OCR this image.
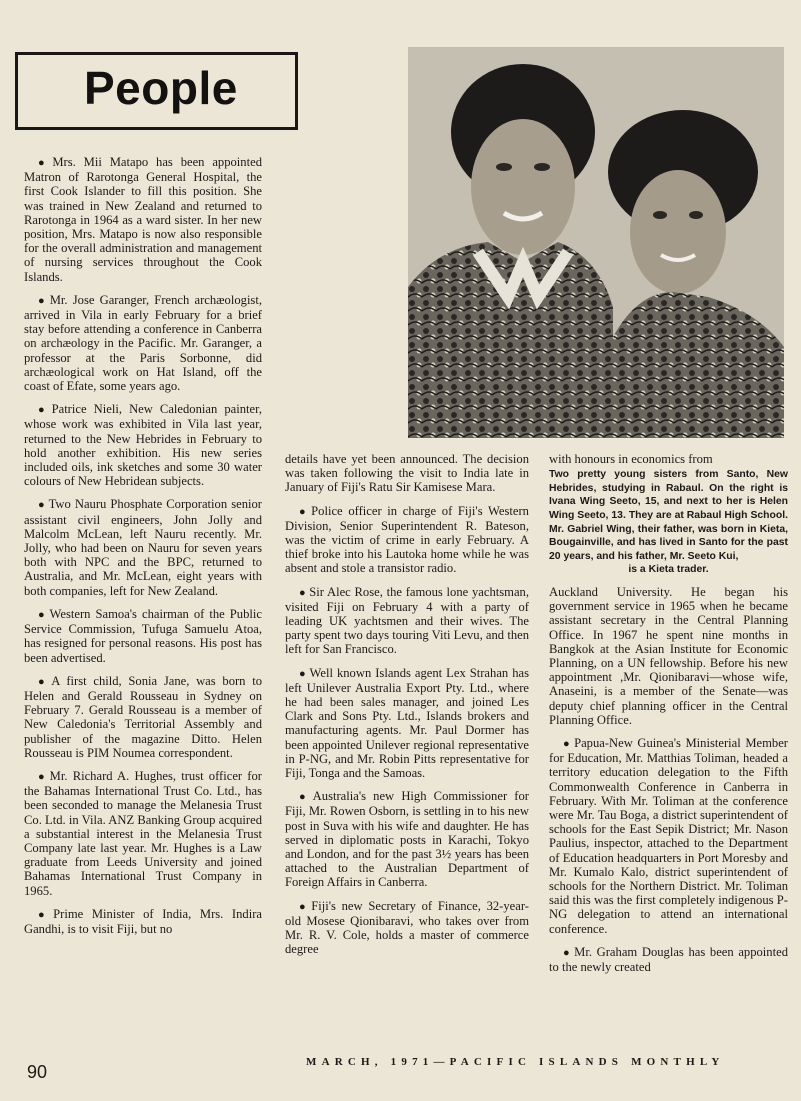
People

● Mrs. Mii Matapo has been appointed Matron of Rarotonga General Hospital, the first Cook Islander to fill this position. She was trained in New Zealand and returned to Rarotonga in 1964 as a ward sister. In her new position, Mrs. Matapo is now also responsible for the overall administration and management of nursing services throughout the Cook Islands.

● Mr. Jose Garanger, French archæologist, arrived in Vila in early February for a brief stay before attending a conference in Canberra on archæology in the Pacific. Mr. Garanger, a professor at the Paris Sorbonne, did archæological work on Hat Island, off the coast of Efate, some years ago.

● Patrice Nieli, New Caledonian painter, whose work was exhibited in Vila last year, returned to the New Hebrides in February to hold another exhibition. His new series included oils, ink sketches and some 30 water colours of New Hebridean subjects.

● Two Nauru Phosphate Corporation senior assistant civil engineers, John Jolly and Malcolm McLean, left Nauru recently. Mr. Jolly, who had been on Nauru for seven years both with NPC and the BPC, returned to Australia, and Mr. McLean, eight years with both companies, left for New Zealand.

● Western Samoa's chairman of the Public Service Commission, Tufuga Samuelu Atoa, has resigned for personal reasons. His post has been advertised.

● A first child, Sonia Jane, was born to Helen and Gerald Rousseau in Sydney on February 7. Gerald Rousseau is a member of New Caledonia's Territorial Assembly and publisher of the magazine Ditto. Helen Rousseau is PIM Noumea correspondent.

● Mr. Richard A. Hughes, trust officer for the Bahamas International Trust Co. Ltd., has been seconded to manage the Melanesia Trust Co. Ltd. in Vila. ANZ Banking Group acquired a substantial interest in the Melanesia Trust Company late last year. Mr. Hughes is a Law graduate from Leeds University and joined Bahamas International Trust Company in 1965.

● Prime Minister of India, Mrs. Indira Gandhi, is to visit Fiji, but no

details have yet been announced. The decision was taken following the visit to India late in January of Fiji's Ratu Sir Kamisese Mara.

● Police officer in charge of Fiji's Western Division, Senior Superintendent R. Bateson, was the victim of crime in early February. A thief broke into his Lautoka home while he was absent and stole a transistor radio.

● Sir Alec Rose, the famous lone yachtsman, visited Fiji on February 4 with a party of leading UK yachtsmen and their wives. The party spent two days touring Viti Levu, and then left for San Francisco.

● Well known Islands agent Lex Strahan has left Unilever Australia Export Pty. Ltd., where he had been sales manager, and joined Les Clark and Sons Pty. Ltd., Islands brokers and manufacturing agents. Mr. Paul Dormer has been appointed Unilever regional representative in P-NG, and Mr. Robin Pitts representative for Fiji, Tonga and the Samoas.

● Australia's new High Commissioner for Fiji, Mr. Rowen Osborn, is settling in to his new post in Suva with his wife and daughter. He has served in diplomatic posts in Karachi, Tokyo and London, and for the past 3½ years has been attached to the Australian Department of Foreign Affairs in Canberra.

● Fiji's new Secretary of Finance, 32-year-old Mosese Qionibaravi, who takes over from Mr. R. V. Cole, holds a master of commerce degree

with honours in economics from

Two pretty young sisters from Santo, New Hebrides, studying in Rabaul. On the right is Ivana Wing Seeto, 15, and next to her is Helen Wing Seeto, 13. They are at Rabaul High School. Mr. Gabriel Wing, their father, was born in Kieta, Bougainville, and has lived in Santo for the past 20 years, and his father, Mr. Seeto Kui,
is a Kieta trader.

Auckland University. He began his government service in 1965 when he became assistant secretary in the Central Planning Office. In 1967 he spent nine months in Bangkok at the Asian Institute for Economic Planning, on a UN fellowship. Before his new appointment ,Mr. Qionibaravi—whose wife, Anaseini, is a member of the Senate—was deputy chief planning officer in the Central Planning Office.

● Papua-New Guinea's Ministerial Member for Education, Mr. Matthias Toliman, headed a territory education delegation to the Fifth Commonwealth Conference in Canberra in February. With Mr. Toliman at the conference were Mr. Tau Boga, a district superintendent of schools for the East Sepik District; Mr. Nason Paulius, inspector, attached to the Department of Education headquarters in Port Moresby and Mr. Kumalo Kalo, district superintendent of schools for the Northern District. Mr. Toliman said this was the first completely indigenous P-NG delegation to attend an international conference.

● Mr. Graham Douglas has been appointed to the newly created

90	MARCH, 1971—PACIFIC ISLANDS MONTHLY
